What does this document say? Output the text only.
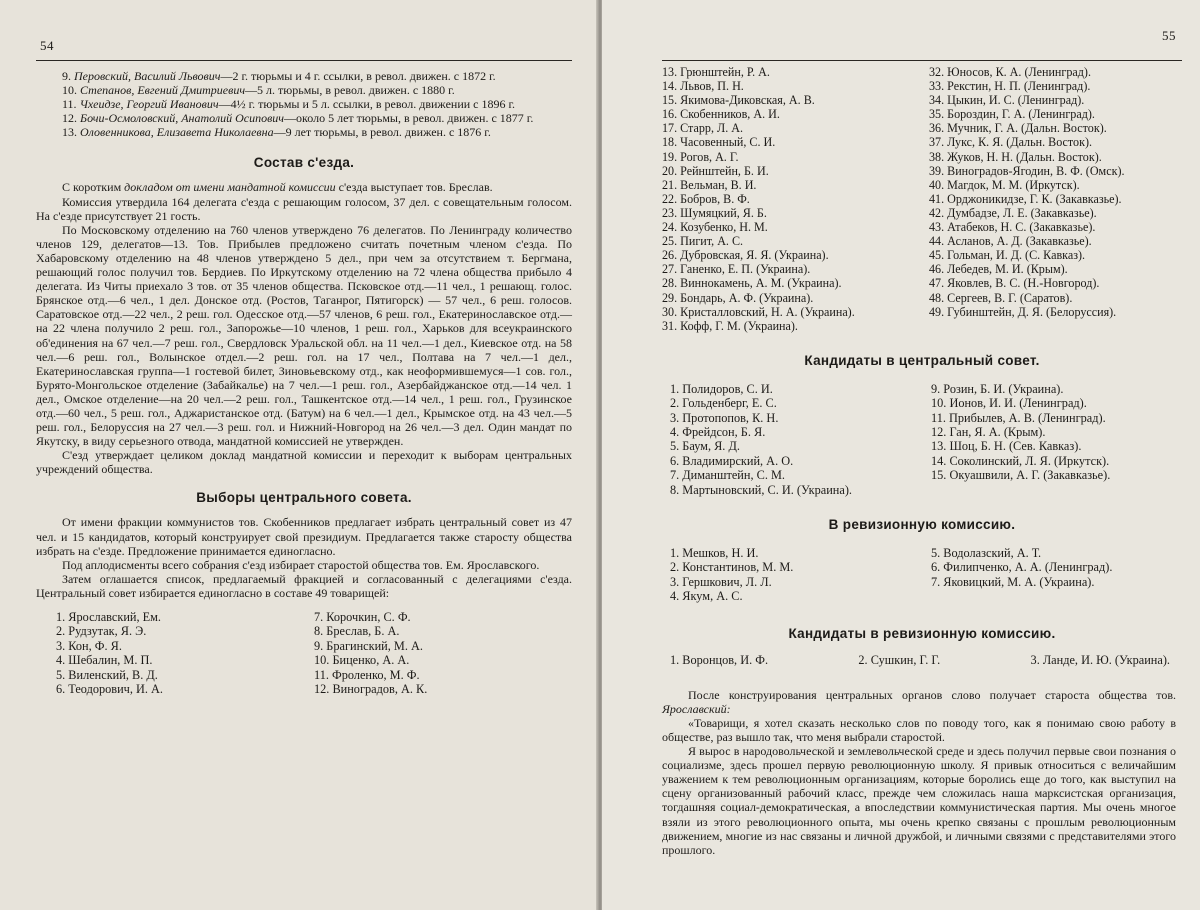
54

9. Перовский, Василий Львович—2 г. тюрьмы и 4 г. ссылки, в револ. движен. с 1872 г.

10. Степанов, Евгений Дмитриевич—5 л. тюрьмы, в револ. движен. с 1880 г.

11. Чхеидзе, Георгий Иванович—4½ г. тюрьмы и 5 л. ссылки, в револ. движении с 1896 г.

12. Бочи-Осмоловский, Анатолий Осипович—около 5 лет тюрьмы, в револ. движен. с 1877 г.

13. Оловенникова, Елизавета Николаевна—9 лет тюрьмы, в револ. движен. с 1876 г.

Состав с'езда.

С коротким докладом от имени мандатной комиссии с'езда выступает тов. Бреслав.

Комиссия утвердила 164 делегата с'езда с решающим голосом, 37 дел. с совещательным голосом. На с'езде присутствует 21 гость.

По Московскому отделению на 760 членов утверждено 76 делегатов. По Ленинграду количество членов 129, делегатов—13. Тов. Прибылев предложено считать почетным членом с'езда. По Хабаровскому отделению на 48 членов утверждено 5 дел., при чем за отсутствием т. Бергмана, решающий голос получил тов. Бердиев. По Иркутскому отделению на 72 члена общества прибыло 4 делегата. Из Читы приехало 3 тов. от 35 членов общества. Псковское отд.—11 чел., 1 решающ. голос. Брянское отд.—6 чел., 1 дел. Донское отд. (Ростов, Таганрог, Пятигорск) — 57 чел., 6 реш. голосов. Саратовское отд.—22 чел., 2 реш. гол. Одесское отд.—57 членов, 6 реш. гол., Екатеринославское отд.—на 22 члена получило 2 реш. гол., Запорожье—10 членов, 1 реш. гол., Харьков для всеукраинского об'единения на 67 чел.—7 реш. гол., Свердловск Уральской обл. на 11 чел.—1 дел., Киевское отд. на 58 чел.—6 реш. гол., Волынское отдел.—2 реш. гол. на 17 чел., Полтава на 7 чел.—1 дел., Екатеринославская группа—1 гостевой билет, Зиновьевскому отд., как неоформившемуся—1 сов. гол., Бурято-Монгольское отделение (Забайкалье) на 7 чел.—1 реш. гол., Азербайджанское отд.—14 чел. 1 дел., Омское отделение—на 20 чел.—2 реш. гол., Ташкентское отд.—14 чел., 1 реш. гол., Грузинское отд.—60 чел., 5 реш. гол., Аджаристанское отд. (Батум) на 6 чел.—1 дел., Крымское отд. на 43 чел.—5 реш. гол., Белоруссия на 27 чел.—3 реш. гол. и Нижний-Новгород на 26 чел.—3 дел. Один мандат по Якутску, в виду серьезного отвода, мандатной комиссией не утвержден.

С'езд утверждает целиком доклад мандатной комиссии и переходит к выборам центральных учреждений общества.

Выборы центрального совета.

От имени фракции коммунистов тов. Скобенников предлагает избрать центральный совет из 47 чел. и 15 кандидатов, который конструирует свой президиум. Предлагается также старосту общества избрать на с'езде. Предложение принимается единогласно.

Под аплодисменты всего собрания с'езд избирает старостой общества тов. Ем. Ярославского.

Затем оглашается список, предлагаемый фракцией и согласованный с делегациями с'езда. Центральный совет избирается единогласно в составе 49 товарищей:

1. Ярославский, Ем.
2. Рудзутак, Я. Э.
3. Кон, Ф. Я.
4. Шебалин, М. П.
5. Виленский, В. Д.
6. Теодорович, И. А.
7. Корочкин, С. Ф.
8. Бреслав, Б. А.
9. Брагинский, М. А.
10. Биценко, А. А.
11. Фроленко, М. Ф.
12. Виноградов, А. К.
55
13. Грюнштейн, Р. А.
14. Львов, П. Н.
15. Якимова-Диковская, А. В.
16. Скобенников, А. И.
17. Старр, Л. А.
18. Часовенный, С. И.
19. Рогов, А. Г.
20. Рейнштейн, Б. И.
21. Вельман, В. И.
22. Бобров, В. Ф.
23. Шумяцкий, Я. Б.
24. Козубенко, Н. М.
25. Пигит, А. С.
26. Дубровская, Я. Я. (Украина).
27. Ганенко, Е. П. (Украина).
28. Виннокамень, А. М. (Украина).
29. Бондарь, А. Ф. (Украина).
30. Кристалловский, Н. А. (Украина).
31. Кофф, Г. М. (Украина).
32. Юносов, К. А. (Ленинград).
33. Рекстин, Н. П. (Ленинград).
34. Цыкин, И. С. (Ленинград).
35. Бороздин, Г. А. (Ленинград).
36. Мучник, Г. А. (Дальн. Восток).
37. Лукс, К. Я. (Дальн. Восток).
38. Жуков, Н. Н. (Дальн. Восток).
39. Виноградов-Ягодин, В. Ф. (Омск).
40. Магдок, М. М. (Иркутск).
41. Орджоникидзе, Г. К. (Закавказье).
42. Думбадзе, Л. Е. (Закавказье).
43. Атабеков, Н. С. (Закавказье).
44. Асланов, А. Д. (Закавказье).
45. Гольман, И. Д. (С. Кавказ).
46. Лебедев, М. И. (Крым).
47. Яковлев, В. С. (Н.-Новгород).
48. Сергеев, В. Г. (Саратов).
49. Губинштейн, Д. Я. (Белоруссия).
Кандидаты в центральный совет.
1. Полидоров, С. И.
2. Гольденберг, Е. С.
3. Протопопов, К. Н.
4. Фрейдсон, Б. Я.
5. Баум, Я. Д.
6. Владимирский, А. О.
7. Диманштейн, С. М.
8. Мартыновский, С. И. (Украина).
9. Розин, Б. И. (Украина).
10. Ионов, И. И. (Ленинград).
11. Прибылев, А. В. (Ленинград).
12. Ган, Я. А. (Крым).
13. Шоц, Б. Н. (Сев. Кавказ).
14. Соколинский, Л. Я. (Иркутск).
15. Окуашвили, А. Г. (Закавказье).
В ревизионную комиссию.
1. Мешков, Н. И.
2. Константинов, М. М.
3. Гершкович, Л. Л.
4. Якум, А. С.
5. Водолазский, А. Т.
6. Филипченко, А. А. (Ленинград).
7. Яковицкий, М. А. (Украина).
Кандидаты в ревизионную комиссию.
1. Воронцов, И. Ф.	2. Сушкин, Г. Г.	3. Ланде, И. Ю. (Украина).

После конструирования центральных органов слово получает староста общества тов. Ярославский:

«Товарищи, я хотел сказать несколько слов по поводу того, как я понимаю свою работу в обществе, раз вышло так, что меня выбрали старостой.

Я вырос в народовольческой и землевольческой среде и здесь получил первые свои познания о социализме, здесь прошел первую революционную школу. Я привык относиться с величайшим уважением к тем революционным организациям, которые боролись еще до того, как выступил на сцену организованный рабочий класс, прежде чем сложилась наша марксистская организация, тогдашняя социал-демократическая, а впоследствии коммунистическая партия. Мы очень многое взяли из этого революционного опыта, мы очень крепко связаны с прошлым революционным движением, многие из нас связаны и личной дружбой, и личными связями с представителями этого прошлого.
